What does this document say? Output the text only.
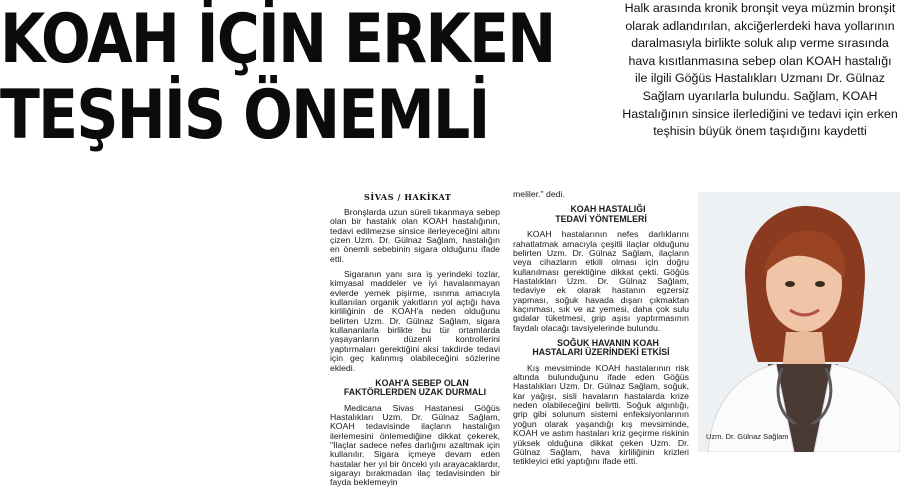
KOAH İÇİN ERKEN
TEŞHİS ÖNEMLİ

Halk arasında kronik bronşit veya müzmin bronşit olarak adlandırılan, akciğerlerdeki hava yollarının daralmasıyla birlikte soluk alıp verme sırasında hava kısıtlanmasına sebep olan KOAH hastalığı ile ilgili Göğüs Hastalıkları Uzmanı Dr. Gülnaz Sağlam uyarılarla bulundu. Sağlam, KOAH Hastalığının sinsice ilerlediğini ve tedavi için erken teşhisin büyük önem taşıdığını kaydetti

SİVAS / HAKİKAT

Bronşlarda uzun süreli tıkanmaya sebep olan bir hastalık olan KOAH hastalığının, tedavi edilmezse sinsice ilerleyeceğini altını çizen Uzm. Dr. Gülnaz Sağlam, hastalığın en önemli sebebinin sigara olduğunu ifade etti.

Sigaranın yanı sıra iş yerindeki tozlar, kimyasal maddeler ve iyi havalanmayan evlerde yemek pişirme, ısınma amacıyla kullanılan organik yakıtların yol açtığı hava kirliliğinin de KOAH'a neden olduğunu belirten Uzm. Dr. Gülnaz Sağlam, sigara kullananlarla birlikte bu tür ortamlarda yaşayanların düzenli kontrollerini yaptırmaları gerektiğini aksi takdirde tedavi için geç kalınmış olabileceğini sözlerine ekledi.

KOAH'A SEBEP OLAN
FAKTÖRLERDEN UZAK DURMALI

Medicana Sivas Hastanesi Göğüs Hastalıkları Uzm. Dr. Gülnaz Sağlam, KOAH tedavisinde ilaçların hastalığın ilerlemesini önlemediğine dikkat çekerek, "İlaçlar sadece nefes darlığını azaltmak için kullanılır. Sigara içmeye devam eden hastalar her yıl bir önceki yılı arayacaklardır, sigarayı bırakmadan ilaç tedavisinden bir fayda beklemeyin

meliler." dedi.

KOAH HASTALIĞI
TEDAVİ YÖNTEMLERİ

KOAH hastalarının nefes darlıklarını rahatlatmak amacıyla çeşitli ilaçlar olduğunu belirten Uzm. Dr. Gülnaz Sağlam, ilaçların veya cihazların etkili olması için doğru kullanılması gerektiğine dikkat çekti. Göğüs Hastalıkları Uzm. Dr. Gülnaz Sağlam, tedaviye ek olarak hastanın egzersiz yapması, soğuk havada dışarı çıkmaktan kaçınması, sık ve az yemesi, daha çok sulu gıdalar tüketmesi, grip aşısı yaptırmasının faydalı olacağı tavsiyelerinde bulundu.

SOĞUK HAVANIN KOAH
HASTALARI ÜZERİNDEKİ ETKİSİ

Kış mevsiminde KOAH hastalarının risk altında bulunduğunu ifade eden Göğüs Hastalıkları Uzm. Dr. Gülnaz Sağlam, soğuk, kar yağışı, sisli havaların hastalarda krize neden olabileceğini belirtti. Soğuk algınlığı, grip gibi solunum sistemi enfeksiyonlarının yoğun olarak yaşandığı kış mevsiminde, KOAH ve astım hastaları kriz geçirme riskinin yüksek olduğuna dikkat çeken Uzm. Dr. Gülnaz Sağlam, hava kirliliğinin krizleri tetikleyici etki yaptığını ifade etti.

Uzm. Dr. Gülnaz Sağlam
